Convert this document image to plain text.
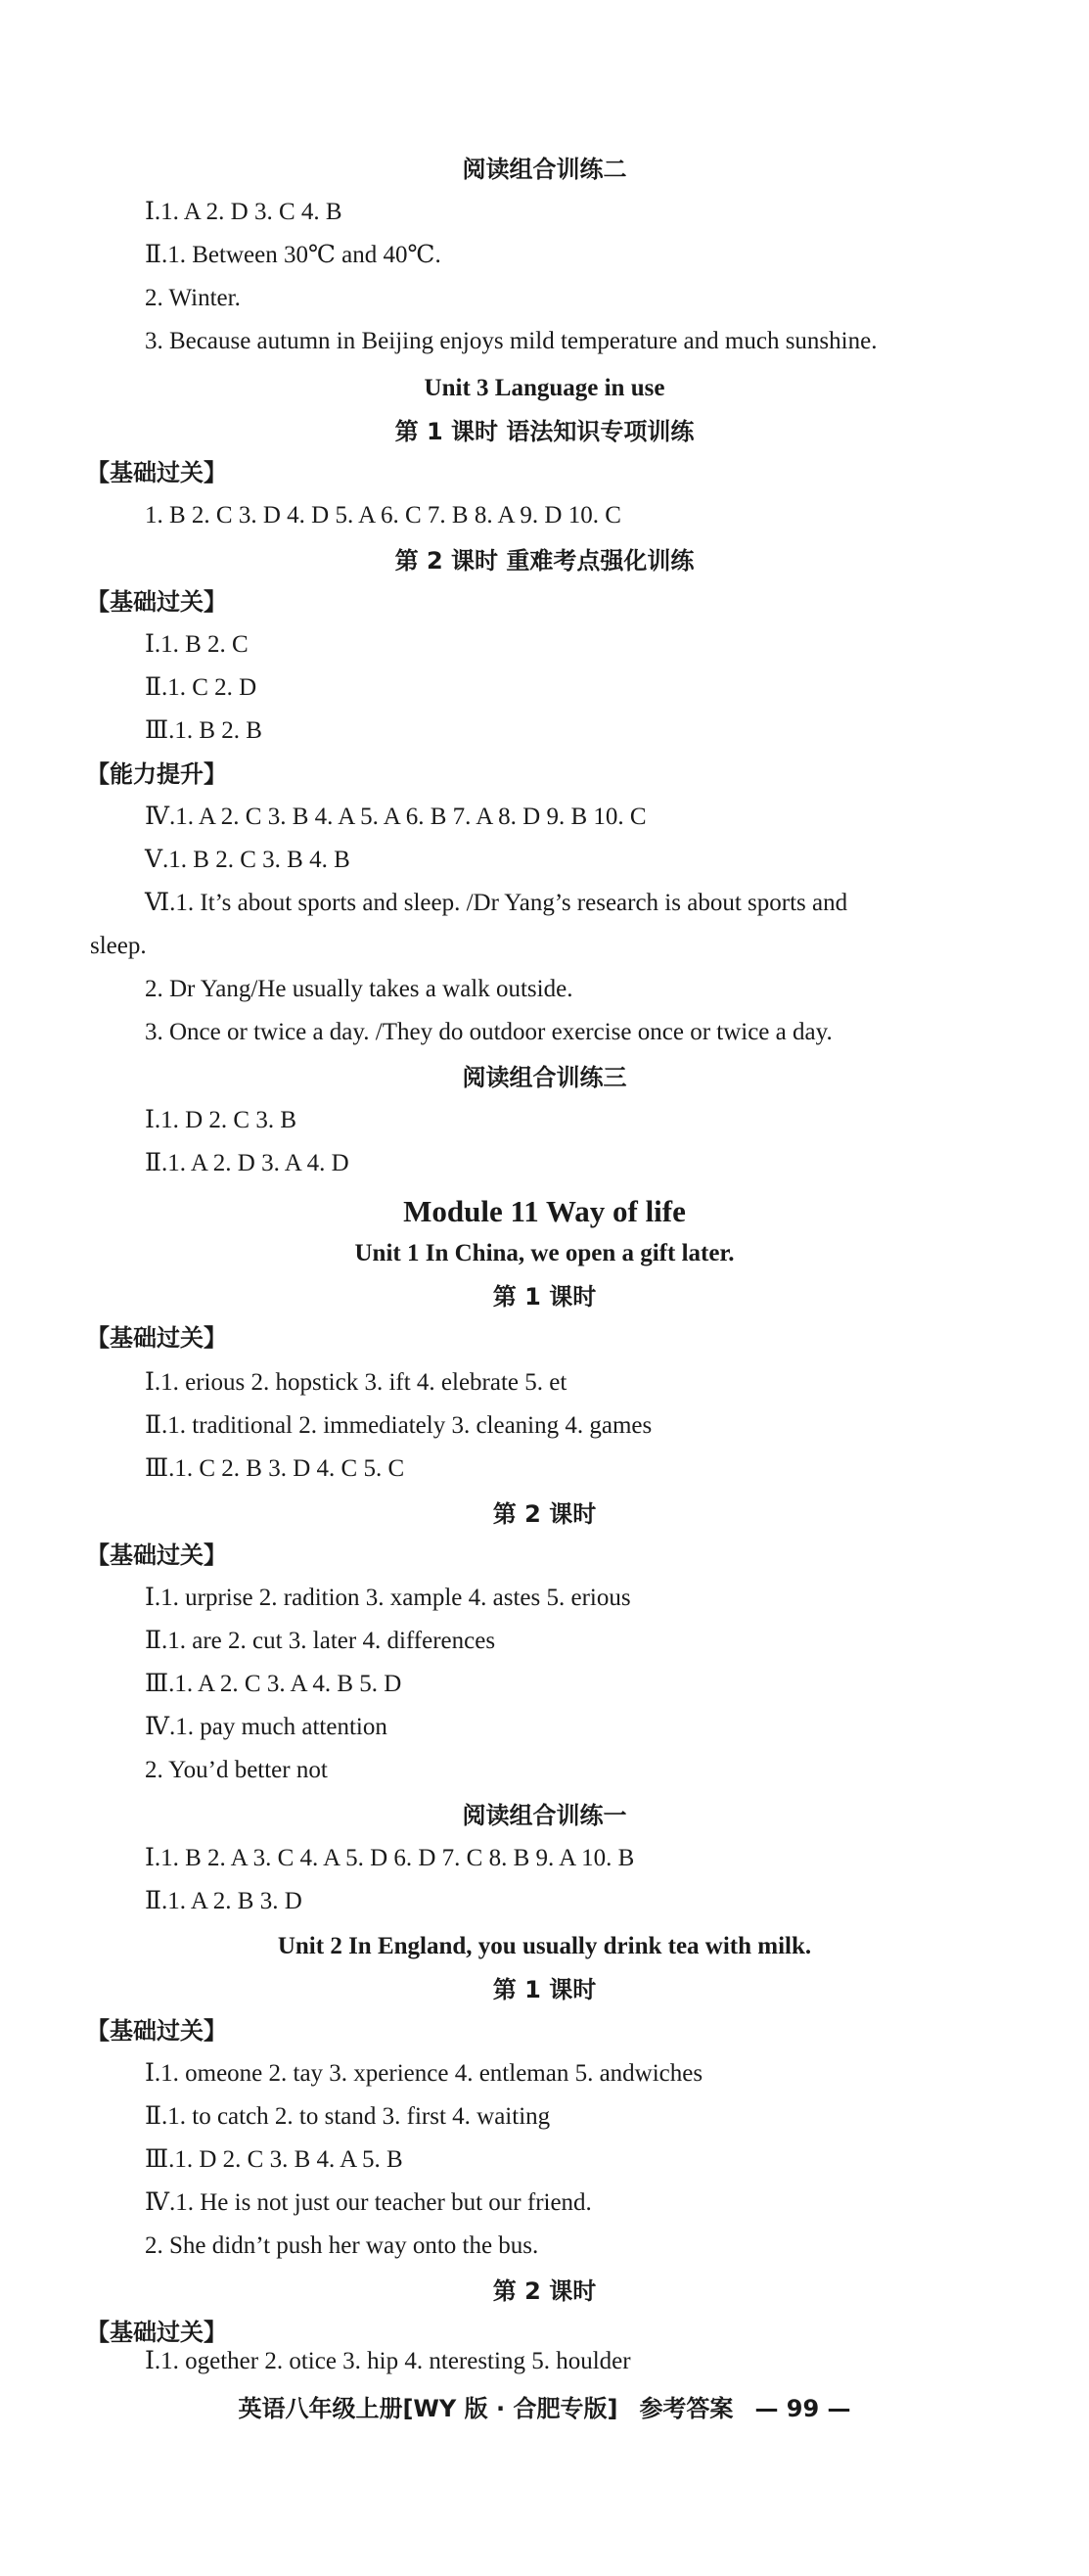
阅读组合训练二
Ⅰ.1. A 2. D 3. C 4. B
Ⅱ.1. Between 30℃ and 40℃.
2. Winter.
3. Because autumn in Beijing enjoys mild temperature and much sunshine.
Unit 3 Language in use
第 1 课时 语法知识专项训练
【基础过关】
1. B 2. C 3. D 4. D 5. A 6. C 7. B 8. A 9. D 10. C
第 2 课时 重难考点强化训练
【基础过关】
Ⅰ.1. B 2. C
Ⅱ.1. C 2. D
Ⅲ.1. B 2. B
【能力提升】
Ⅳ.1. A 2. C 3. B 4. A 5. A 6. B 7. A 8. D 9. B 10. C
Ⅴ.1. B 2. C 3. B 4. B
Ⅵ.1. It’s about sports and sleep. /Dr Yang’s research is about sports and
sleep.
2. Dr Yang/He usually takes a walk outside.
3. Once or twice a day. /They do outdoor exercise once or twice a day.
阅读组合训练三
Ⅰ.1. D 2. C 3. B
Ⅱ.1. A 2. D 3. A 4. D
Module 11 Way of life
Unit 1 In China, we open a gift later.
第 1 课时
【基础过关】
Ⅰ.1. erious 2. hopstick 3. ift 4. elebrate 5. et
Ⅱ.1. traditional 2. immediately 3. cleaning 4. games
Ⅲ.1. C 2. B 3. D 4. C 5. C
第 2 课时
【基础过关】
Ⅰ.1. urprise 2. radition 3. xample 4. astes 5. erious
Ⅱ.1. are 2. cut 3. later 4. differences
Ⅲ.1. A 2. C 3. A 4. B 5. D
Ⅳ.1. pay much attention
2. You’d better not
阅读组合训练一
Ⅰ.1. B 2. A 3. C 4. A 5. D 6. D 7. C 8. B 9. A 10. B
Ⅱ.1. A 2. B 3. D
Unit 2 In England, you usually drink tea with milk.
第 1 课时
【基础过关】
Ⅰ.1. omeone 2. tay 3. xperience 4. entleman 5. andwiches
Ⅱ.1. to catch 2. to stand 3. first 4. waiting
Ⅲ.1. D 2. C 3. B 4. A 5. B
Ⅳ.1. He is not just our teacher but our friend.
2. She didn’t push her way onto the bus.
第 2 课时
【基础过关】
Ⅰ.1. ogether 2. otice 3. hip 4. nteresting 5. houlder
英语八年级上册[WY 版 · 合肥专版] 参考答案 — 99 —
